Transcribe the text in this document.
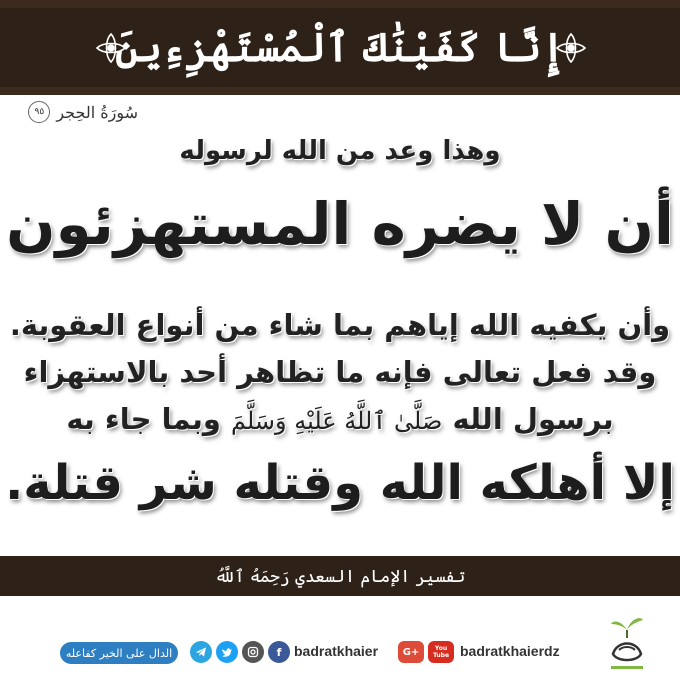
إِنَّا كَفَيْنَٰكَ ٱلْمُسْتَهْزِءِينَ
سُورَةُ الحِجر
٩٥
وهذا وعد من الله لرسوله
أن لا يضره المستهزئون
وأن يكفيه الله إياهم بما شاء من أنواع العقوبة.
وقد فعل تعالى فإنه ما تظاهر أحد بالاستهزاء
برسول الله صَلَّىٰ ٱللَّهُ عَلَيْهِ وَسَلَّمَ وبما جاء به
إلا أهلكه الله وقتله شر قتلة.
تفسير الإمام السعدي رَحِمَهُ ٱللَّهُ
الدال على الخير كفاعله	f badratkhaier	G+	You Tube badratkhaierdz
